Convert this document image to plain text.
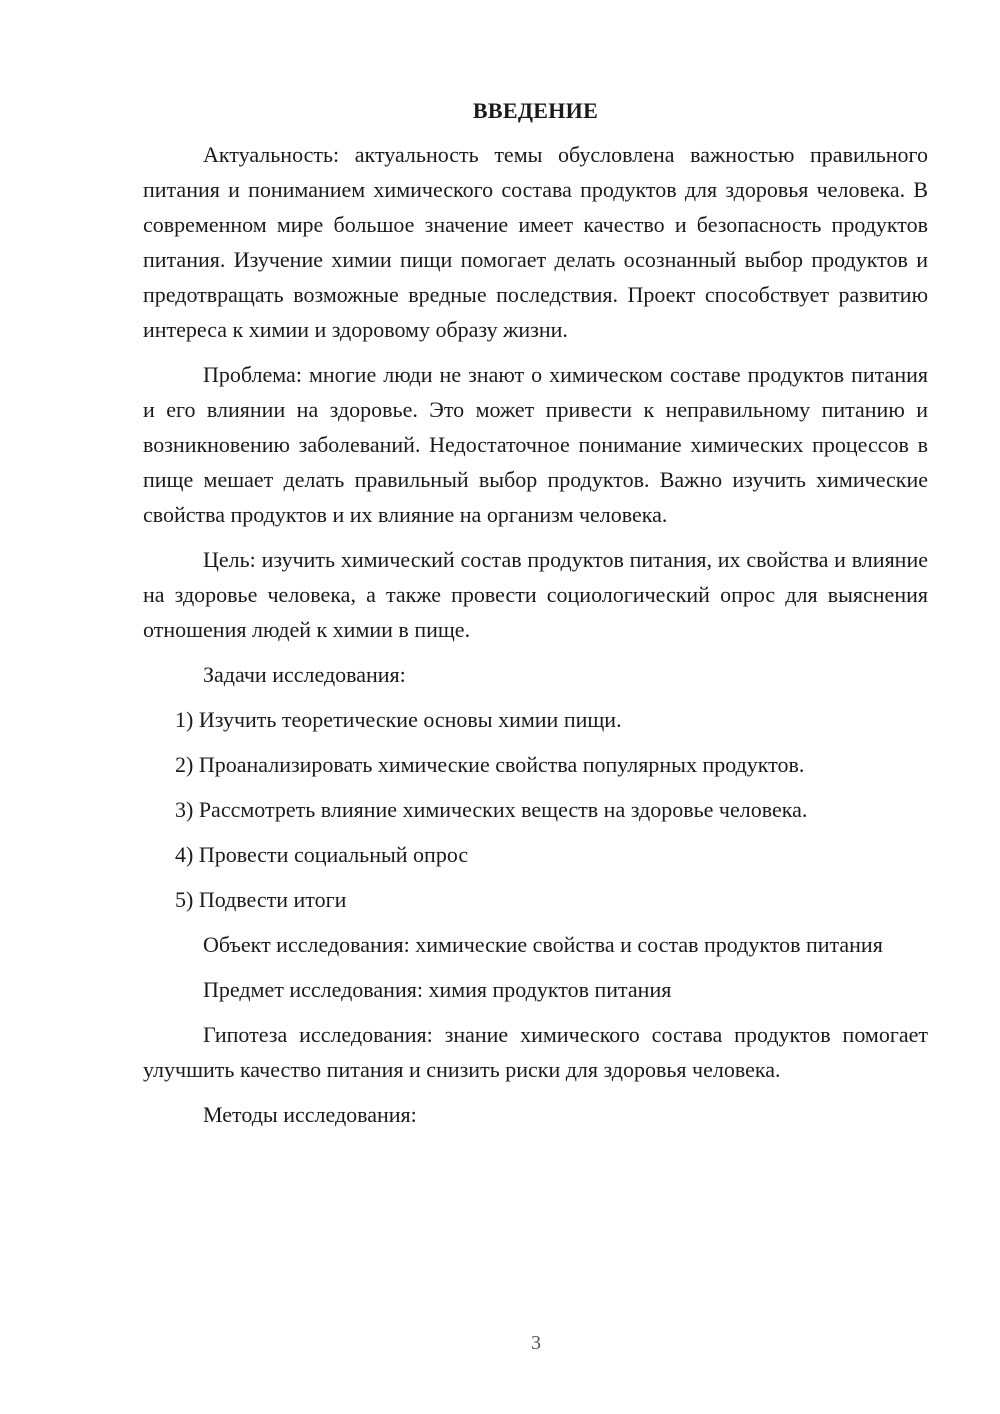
ВВЕДЕНИЕ

Актуальность: актуальность темы обусловлена важностью правильного питания и пониманием химического состава продуктов для здоровья человека. В современном мире большое значение имеет качество и безопасность продуктов питания. Изучение химии пищи помогает делать осознанный выбор продуктов и предотвращать возможные вредные последствия. Проект способствует развитию интереса к химии и здоровому образу жизни.

Проблема: многие люди не знают о химическом составе продуктов питания и его влиянии на здоровье. Это может привести к неправильному питанию и возникновению заболеваний. Недостаточное понимание химических процессов в пище мешает делать правильный выбор продуктов. Важно изучить химические свойства продуктов и их влияние на организм человека.

Цель: изучить химический состав продуктов питания, их свойства и влияние на здоровье человека, а также провести социологический опрос для выяснения отношения людей к химии в пище.

Задачи исследования:

1) Изучить теоретические основы химии пищи.
2) Проанализировать химические свойства популярных продуктов.
3) Рассмотреть влияние химических веществ на здоровье человека.
4) Провести социальный опрос
5) Подвести итоги

Объект исследования: химические свойства и состав продуктов питания

Предмет исследования: химия продуктов питания

Гипотеза исследования: знание химического состава продуктов помогает улучшить качество питания и снизить риски для здоровья человека.

Методы исследования:

3
